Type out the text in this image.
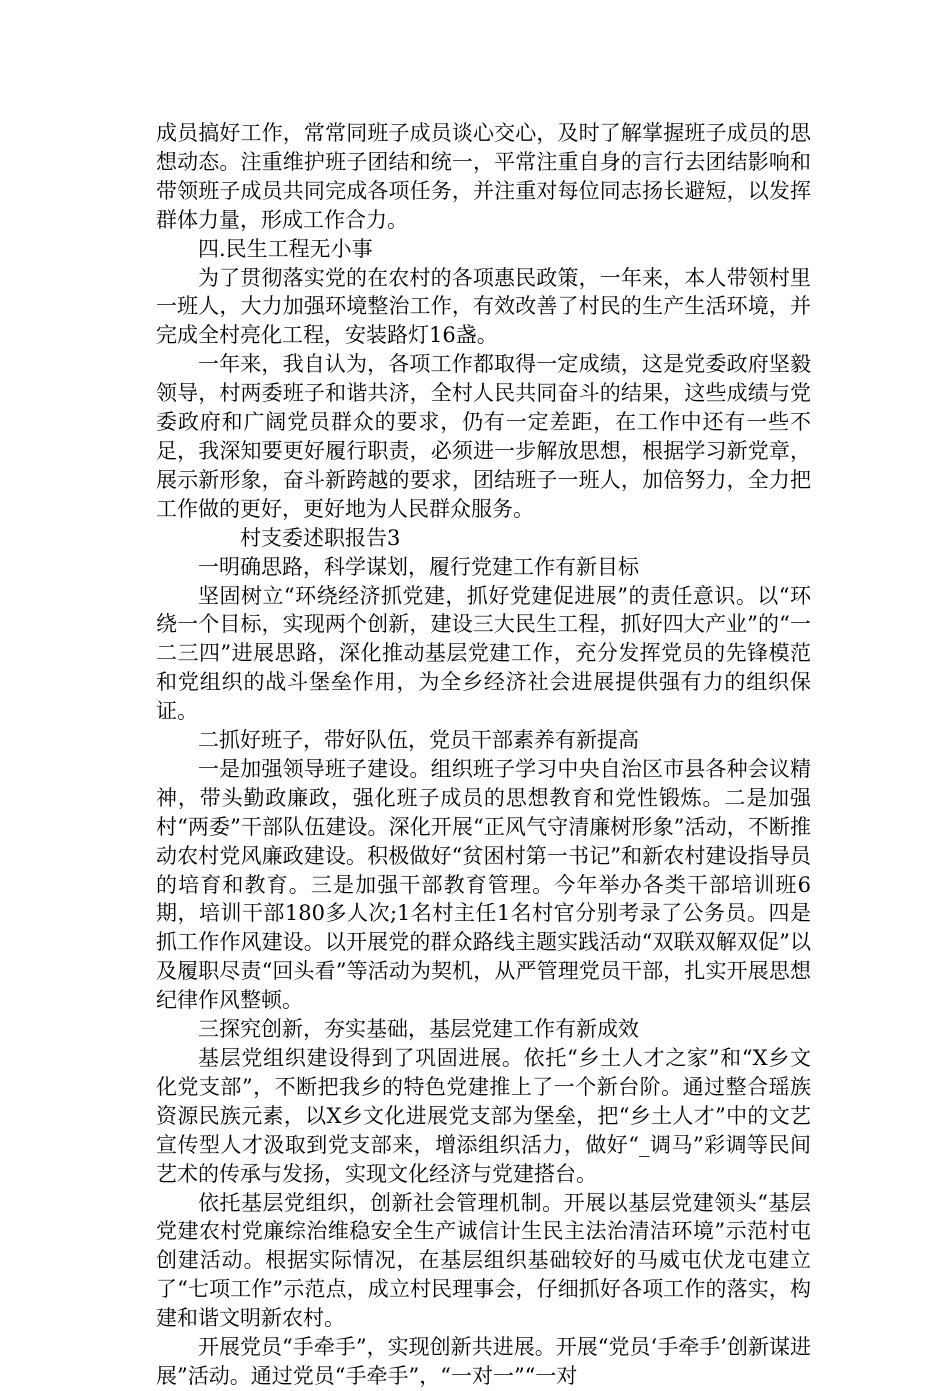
成员搞好工作，常常同班子成员谈心交心，及时了解掌握班子成员的思想动态。注重维护班子团结和统一，平常注重自身的言行去团结影响和带领班子成员共同完成各项任务，并注重对每位同志扬长避短，以发挥群体力量，形成工作合力。

四.民生工程无小事

为了贯彻落实党的在农村的各项惠民政策，一年来，本人带领村里一班人，大力加强环境整治工作，有效改善了村民的生产生活环境，并完成全村亮化工程，安装路灯16盏。

一年来，我自认为，各项工作都取得一定成绩，这是党委政府坚毅领导，村两委班子和谐共济，全村人民共同奋斗的结果，这些成绩与党委政府和广阔党员群众的要求，仍有一定差距，在工作中还有一些不足，我深知要更好履行职责，必须进一步解放思想，根据学习新党章，展示新形象，奋斗新跨越的要求，团结班子一班人，加倍努力，全力把工作做的更好，更好地为人民群众服务。

村支委述职报告3

一明确思路，科学谋划，履行党建工作有新目标

坚固树立“环绕经济抓党建，抓好党建促进展”的责任意识。以“环绕一个目标，实现两个创新，建设三大民生工程，抓好四大产业”的“一二三四”进展思路，深化推动基层党建工作，充分发挥党员的先锋模范和党组织的战斗堡垒作用，为全乡经济社会进展提供强有力的组织保证。

二抓好班子，带好队伍，党员干部素养有新提高

一是加强领导班子建设。组织班子学习中央自治区市县各种会议精神，带头勤政廉政，强化班子成员的思想教育和党性锻炼。二是加强村“两委”干部队伍建设。深化开展“正风气守清廉树形象”活动，不断推动农村党风廉政建设。积极做好“贫困村第一书记”和新农村建设指导员的培育和教育。三是加强干部教育管理。今年举办各类干部培训班6期，培训干部180多人次;1名村主任1名村官分别考录了公务员。四是抓工作作风建设。以开展党的群众路线主题实践活动“双联双解双促”以及履职尽责“回头看”等活动为契机，从严管理党员干部，扎实开展思想纪律作风整顿。

三探究创新，夯实基础，基层党建工作有新成效

基层党组织建设得到了巩固进展。依托“乡土人才之家”和“X乡文化党支部”，不断把我乡的特色党建推上了一个新台阶。通过整合瑶族资源民族元素，以X乡文化进展党支部为堡垒，把“乡土人才”中的文艺宣传型人才汲取到党支部来，增添组织活力，做好“_调马”彩调等民间艺术的传承与发扬，实现文化经济与党建搭台。

依托基层党组织，创新社会管理机制。开展以基层党建领头“基层党建农村党廉综治维稳安全生产诚信计生民主法治清洁环境”示范村屯创建活动。根据实际情况，在基层组织基础较好的马威屯伏龙屯建立了“七项工作”示范点，成立村民理事会，仔细抓好各项工作的落实，构建和谐文明新农村。

开展党员“手牵手”，实现创新共进展。开展“党员‘手牵手’创新谋进展”活动。通过党员“手牵手”，“一对一”“一对
